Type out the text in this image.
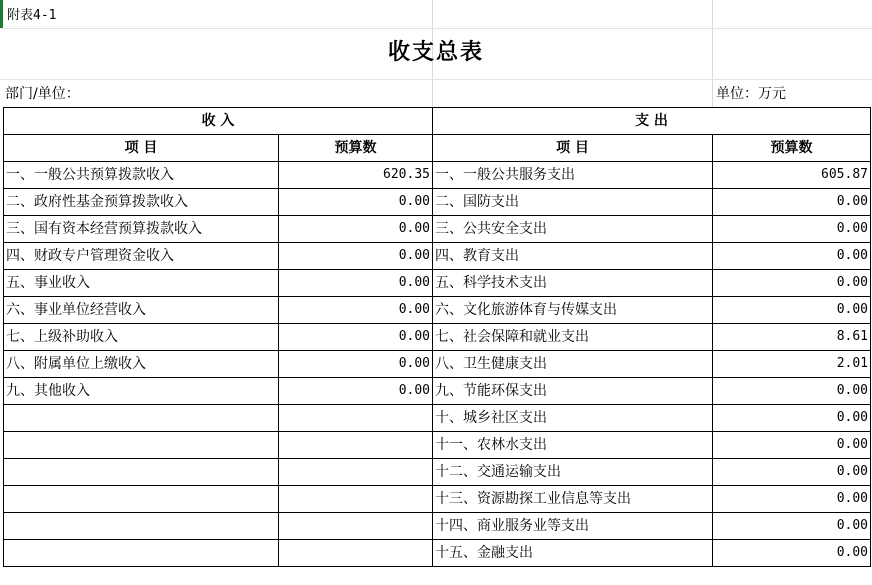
附表4-1
收支总表
部门/单位：	单位：万元
收 入		支 出	
项 目	预算数	项 目	预算数
一、一般公共预算拨款收入	620.35	一、一般公共服务支出	605.87
二、政府性基金预算拨款收入	0.00	二、国防支出	0.00
三、国有资本经营预算拨款收入	0.00	三、公共安全支出	0.00
四、财政专户管理资金收入	0.00	四、教育支出	0.00
五、事业收入	0.00	五、科学技术支出	0.00
六、事业单位经营收入	0.00	六、文化旅游体育与传媒支出	0.00
七、上级补助收入	0.00	七、社会保障和就业支出	8.61
八、附属单位上缴收入	0.00	八、卫生健康支出	2.01
九、其他收入	0.00	九、节能环保支出	0.00
		十、城乡社区支出	0.00
		十一、农林水支出	0.00
		十二、交通运输支出	0.00
		十三、资源勘探工业信息等支出	0.00
		十四、商业服务业等支出	0.00
		十五、金融支出	0.00
